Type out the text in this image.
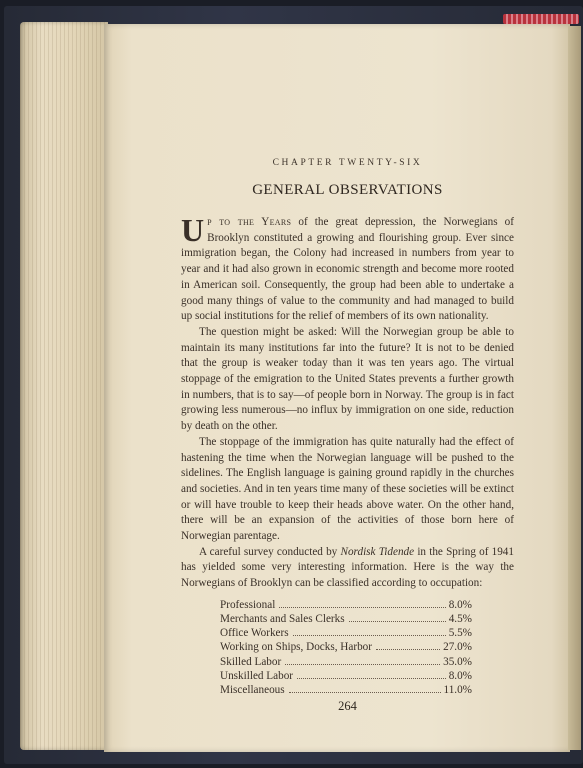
CHAPTER TWENTY-SIX
GENERAL OBSERVATIONS

Up to the Years of the great depression, the Norwegians of Brooklyn constituted a growing and flourishing group. Ever since immigration began, the Colony had increased in numbers from year to year and it had also grown in economic strength and become more rooted in American soil. Consequently, the group had been able to undertake a good many things of value to the community and had managed to build up social institutions for the relief of members of its own nationality.

The question might be asked: Will the Norwegian group be able to maintain its many institutions far into the future? It is not to be denied that the group is weaker today than it was ten years ago. The virtual stoppage of the emigration to the United States prevents a further growth in numbers, that is to say—of people born in Norway. The group is in fact growing less numerous—no influx by immigration on one side, reduction by death on the other.

The stoppage of the immigration has quite naturally had the effect of hastening the time when the Norwegian language will be pushed to the sidelines. The English language is gaining ground rapidly in the churches and societies. And in ten years time many of these societies will be extinct or will have trouble to keep their heads above water. On the other hand, there will be an expansion of the activities of those born here of Norwegian parentage.

A careful survey conducted by Nordisk Tidende in the Spring of 1941 has yielded some very interesting information. Here is the way the Norwegians of Brooklyn can be classified according to occupation:

Professional	8.0%
Merchants and Sales Clerks	4.5%
Office Workers	5.5%
Working on Ships, Docks, Harbor	27.0%
Skilled Labor	35.0%
Unskilled Labor	8.0%
Miscellaneous	11.0%
264
